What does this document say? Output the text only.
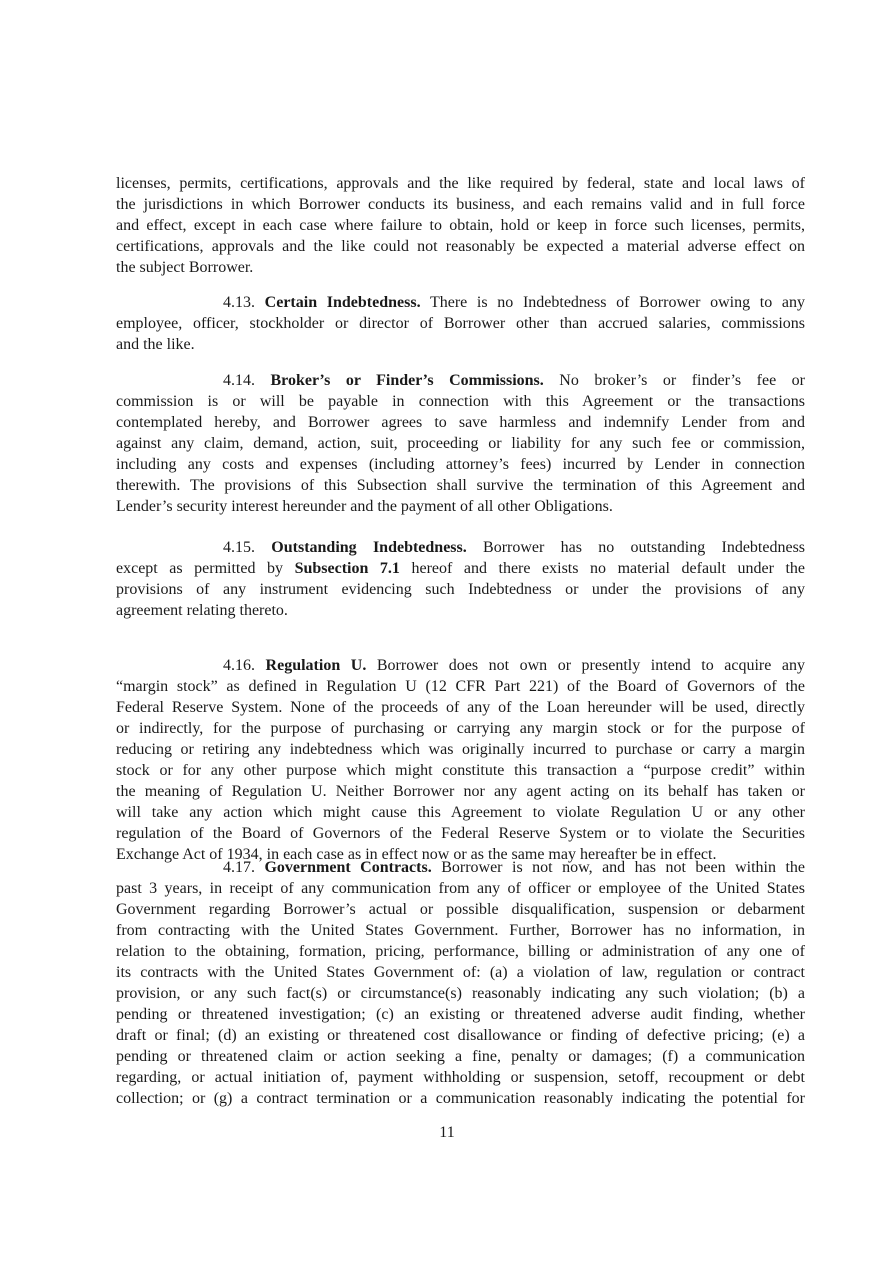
licenses, permits, certifications, approvals and the like required by federal, state and local laws of
the jurisdictions in which Borrower conducts its business, and each remains valid and in full force
and effect, except in each case where failure to obtain, hold or keep in force such licenses, permits,
certifications, approvals and the like could not reasonably be expected a material adverse effect on
the subject Borrower.
4.13. Certain Indebtedness. There is no Indebtedness of Borrower owing to any
employee, officer, stockholder or director of Borrower other than accrued salaries, commissions
and the like.
4.14. Broker’s or Finder’s Commissions. No broker’s or finder’s fee or
commission is or will be payable in connection with this Agreement or the transactions
contemplated hereby, and Borrower agrees to save harmless and indemnify Lender from and
against any claim, demand, action, suit, proceeding or liability for any such fee or commission,
including any costs and expenses (including attorney’s fees) incurred by Lender in connection
therewith. The provisions of this Subsection shall survive the termination of this Agreement and
Lender’s security interest hereunder and the payment of all other Obligations.
4.15. Outstanding Indebtedness. Borrower has no outstanding Indebtedness
except as permitted by Subsection 7.1 hereof and there exists no material default under the
provisions of any instrument evidencing such Indebtedness or under the provisions of any
agreement relating thereto.
4.16. Regulation U. Borrower does not own or presently intend to acquire any
“margin stock” as defined in Regulation U (12 CFR Part 221) of the Board of Governors of the
Federal Reserve System. None of the proceeds of any of the Loan hereunder will be used, directly
or indirectly, for the purpose of purchasing or carrying any margin stock or for the purpose of
reducing or retiring any indebtedness which was originally incurred to purchase or carry a margin
stock or for any other purpose which might constitute this transaction a “purpose credit” within
the meaning of Regulation U. Neither Borrower nor any agent acting on its behalf has taken or
will take any action which might cause this Agreement to violate Regulation U or any other
regulation of the Board of Governors of the Federal Reserve System or to violate the Securities
Exchange Act of 1934, in each case as in effect now or as the same may hereafter be in effect.
4.17. Government Contracts. Borrower is not now, and has not been within the
past 3 years, in receipt of any communication from any of officer or employee of the United States
Government regarding Borrower’s actual or possible disqualification, suspension or debarment
from contracting with the United States Government. Further, Borrower has no information, in
relation to the obtaining, formation, pricing, performance, billing or administration of any one of
its contracts with the United States Government of: (a) a violation of law, regulation or contract
provision, or any such fact(s) or circumstance(s) reasonably indicating any such violation; (b) a
pending or threatened investigation; (c) an existing or threatened adverse audit finding, whether
draft or final; (d) an existing or threatened cost disallowance or finding of defective pricing; (e) a
pending or threatened claim or action seeking a fine, penalty or damages; (f) a communication
regarding, or actual initiation of, payment withholding or suspension, setoff, recoupment or debt
collection; or (g) a contract termination or a communication reasonably indicating the potential for
11
